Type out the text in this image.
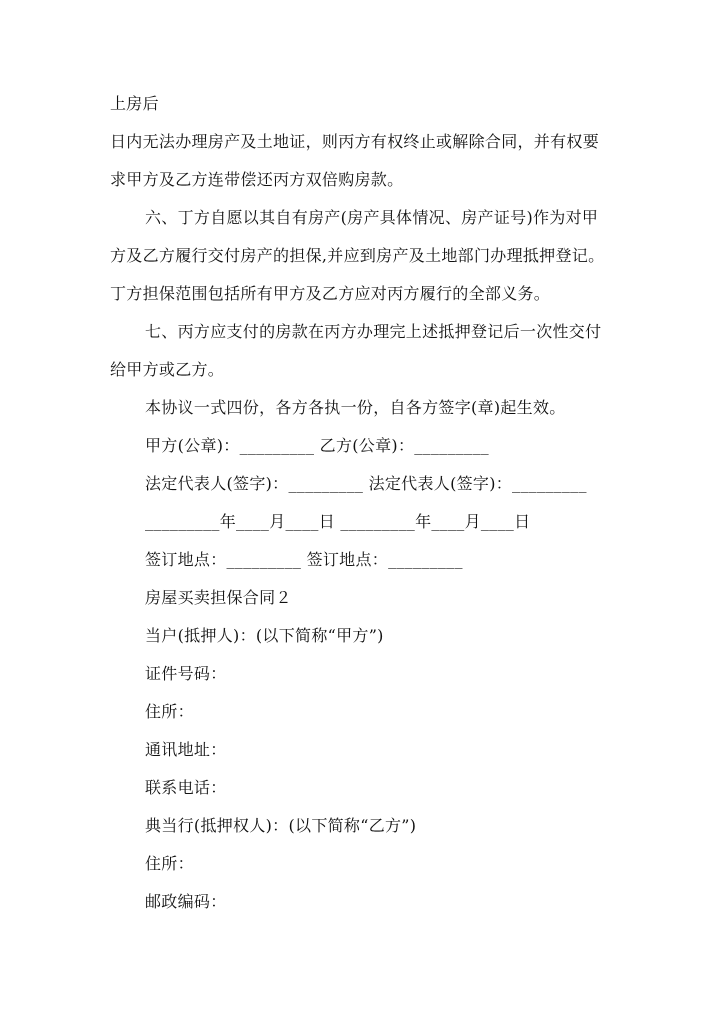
上房后
日内无法办理房产及土地证，则丙方有权终止或解除合同，并有权要
求甲方及乙方连带偿还丙方双倍购房款。
六、丁方自愿以其自有房产(房产具体情况、房产证号)作为对甲
方及乙方履行交付房产的担保,并应到房产及土地部门办理抵押登记。
丁方担保范围包括所有甲方及乙方应对丙方履行的全部义务。
七、丙方应支付的房款在丙方办理完上述抵押登记后一次性交付
给甲方或乙方。
本协议一式四份，各方各执一份，自各方签字(章)起生效。
甲方(公章)：_________ 乙方(公章)：_________
法定代表人(签字)：_________ 法定代表人(签字)：_________
_________年____月____日 _________年____月____日
签订地点：_________ 签订地点：_________
房屋买卖担保合同２
当户(抵押人)：(以下简称“甲方”)
证件号码：
住所：
通讯地址：
联系电话：
典当行(抵押权人)：(以下简称“乙方”)
住所：
邮政编码：
